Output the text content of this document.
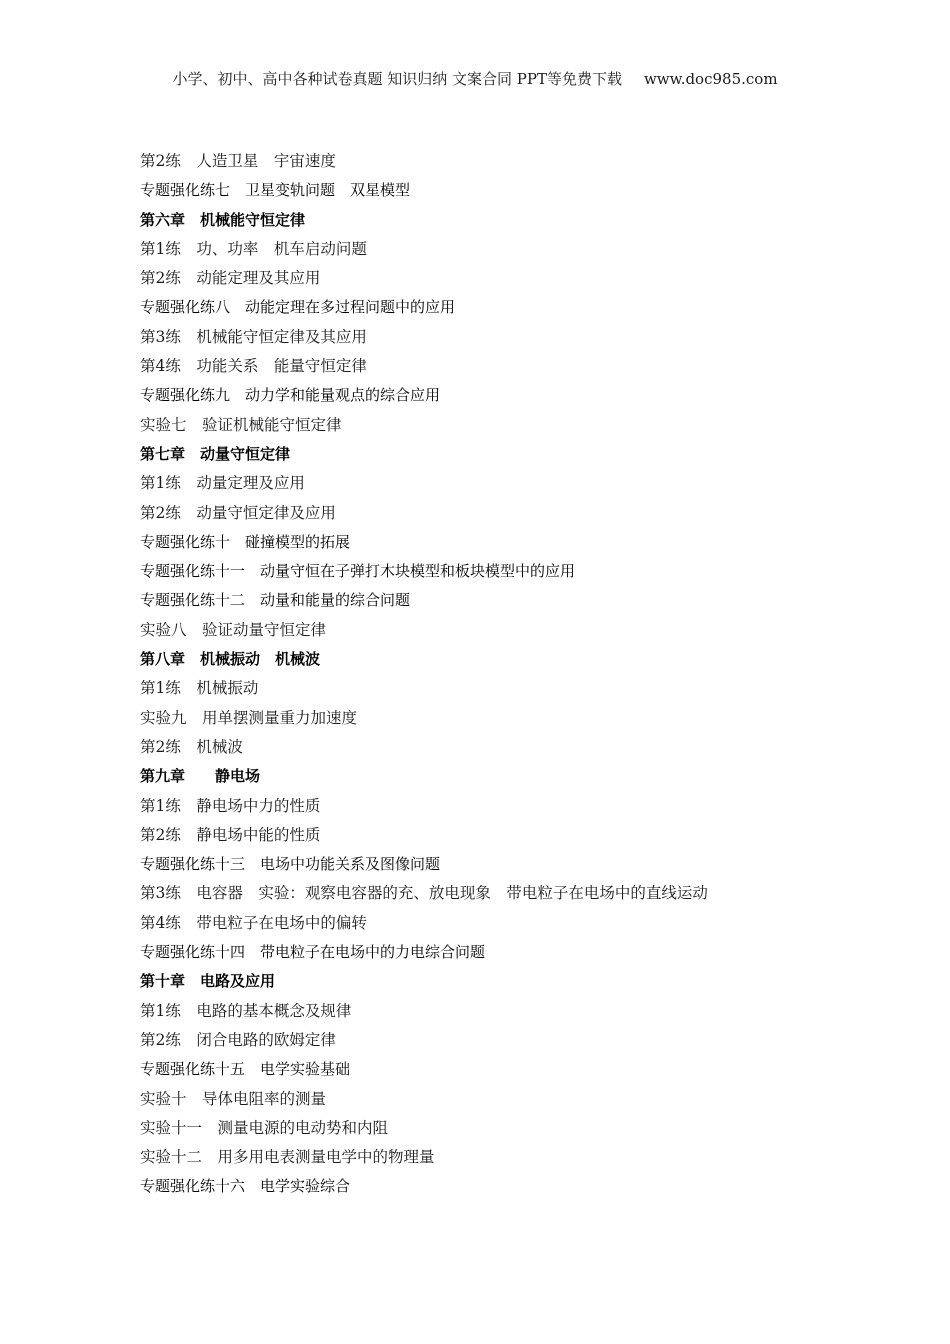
小学、初中、高中各种试卷真题 知识归纳 文案合同 PPT等免费下载 www.doc985.com
第2练 人造卫星　宇宙速度
专题强化练七 卫星变轨问题　双星模型
第六章 机械能守恒定律
第1练 功、功率　机车启动问题
第2练 动能定理及其应用
专题强化练八 动能定理在多过程问题中的应用
第3练 机械能守恒定律及其应用
第4练 功能关系　能量守恒定律
专题强化练九 动力学和能量观点的综合应用
实验七 验证机械能守恒定律
第七章 动量守恒定律
第1练 动量定理及应用
第2练 动量守恒定律及应用
专题强化练十 碰撞模型的拓展
专题强化练十一 动量守恒在子弹打木块模型和板块模型中的应用
专题强化练十二 动量和能量的综合问题
实验八 验证动量守恒定律
第八章 机械振动　机械波
第1练 机械振动
实验九 用单摆测量重力加速度
第2练 机械波
第九章　静电场
第1练 静电场中力的性质
第2练 静电场中能的性质
专题强化练十三 电场中功能关系及图像问题
第3练 电容器　实验：观察电容器的充、放电现象　带电粒子在电场中的直线运动
第4练 带电粒子在电场中的偏转
专题强化练十四 带电粒子在电场中的力电综合问题
第十章 电路及应用
第1练 电路的基本概念及规律
第2练 闭合电路的欧姆定律
专题强化练十五 电学实验基础
实验十 导体电阻率的测量
实验十一 测量电源的电动势和内阻
实验十二 用多用电表测量电学中的物理量
专题强化练十六 电学实验综合
